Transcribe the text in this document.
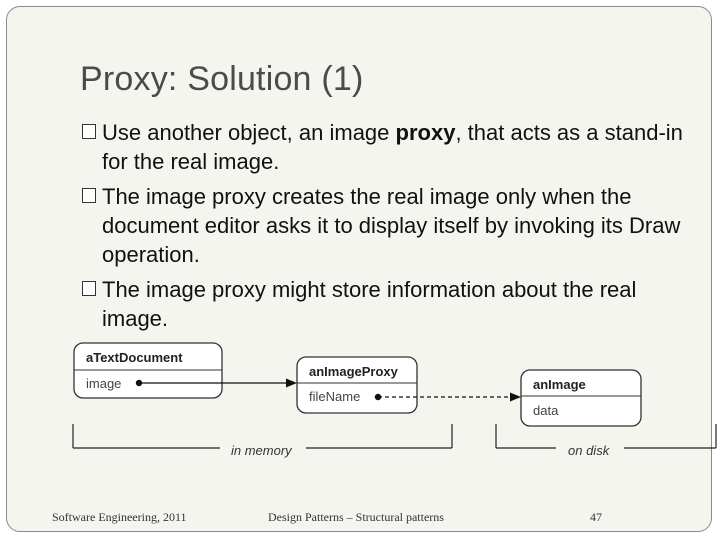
Proxy: Solution (1)
Use another object, an image proxy, that acts as a stand-in for the real image.
The image proxy creates the real image only when the document editor asks it to display itself by invoking its Draw operation.
The image proxy might store information about the real image.
aTextDocument
image
anImageProxy
fileName
anImage
data
in memory	on disk
Software Engineering, 2011	Design Patterns – Structural patterns	47
